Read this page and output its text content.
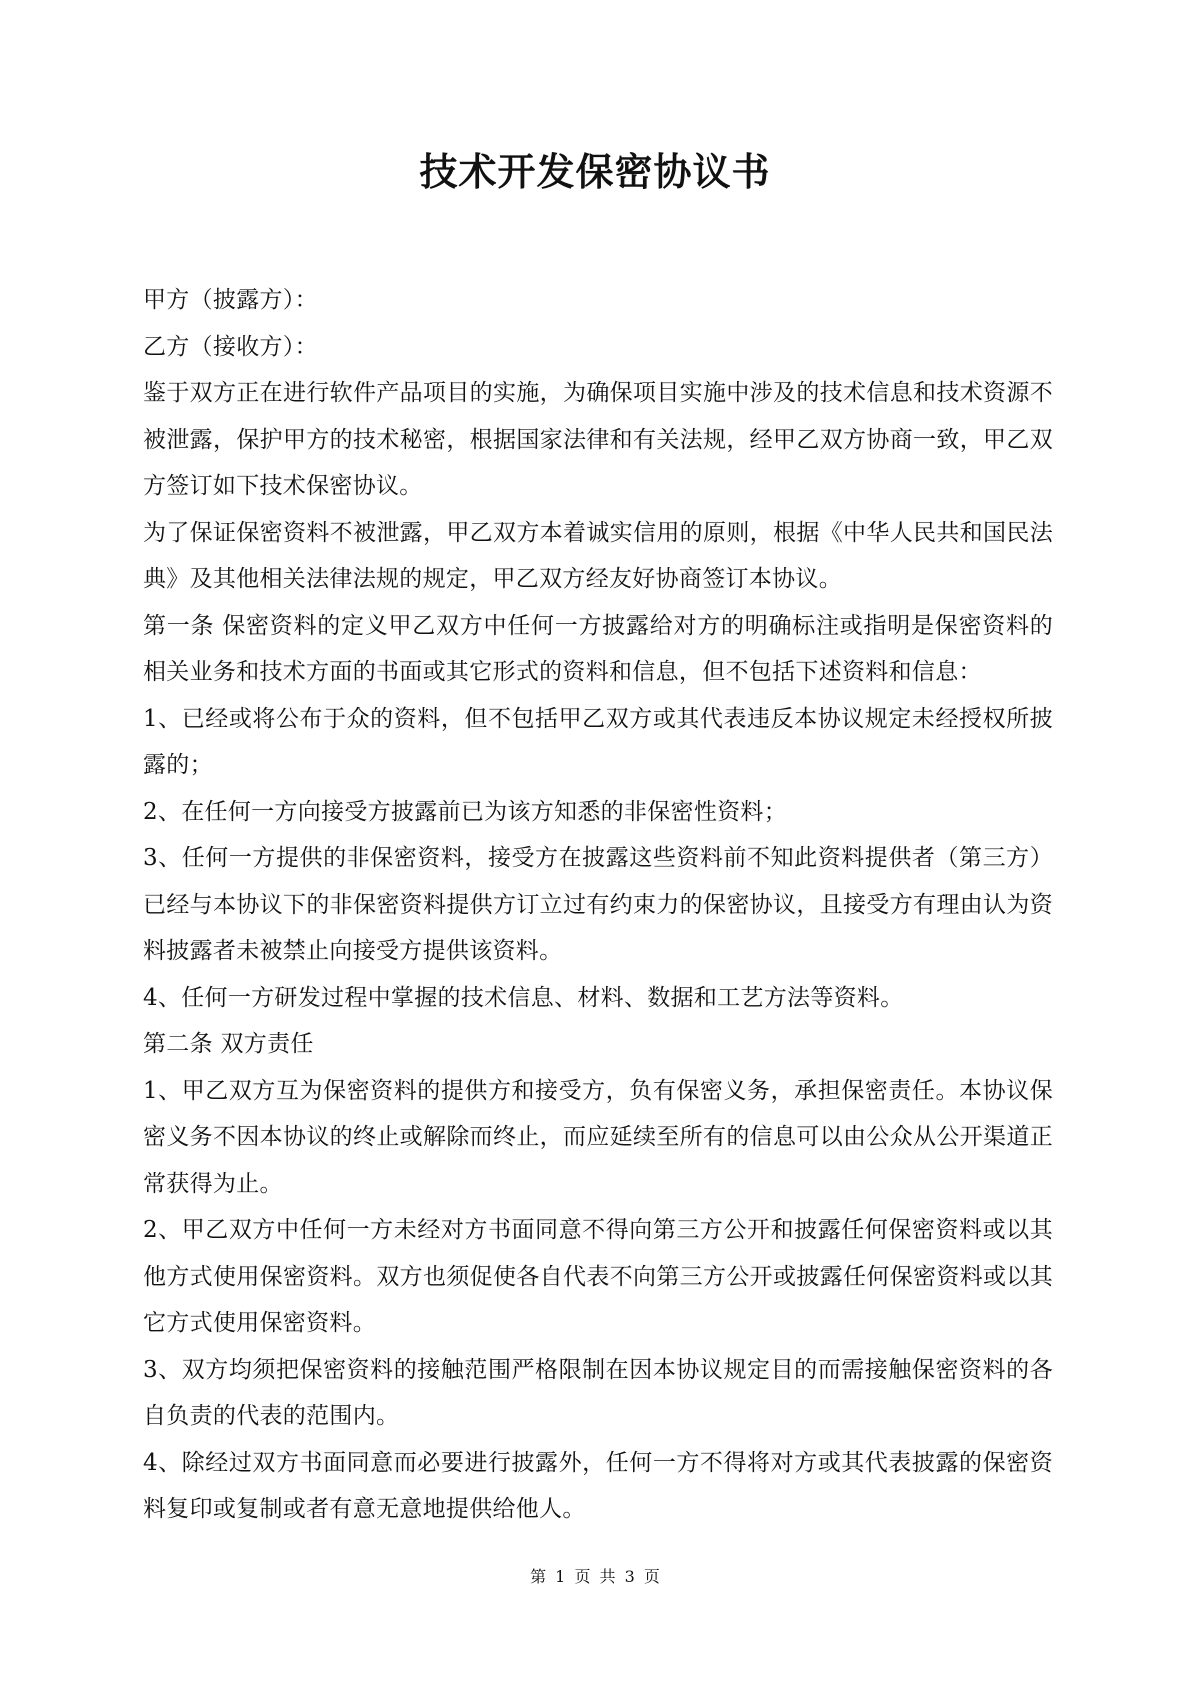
技术开发保密协议书

甲方（披露方）：

乙方（接收方）：

鉴于双方正在进行软件产品项目的实施，为确保项目实施中涉及的技术信息和技术资源不被泄露，保护甲方的技术秘密，根据国家法律和有关法规，经甲乙双方协商一致，甲乙双方签订如下技术保密协议。

为了保证保密资料不被泄露，甲乙双方本着诚实信用的原则，根据《中华人民共和国民法典》及其他相关法律法规的规定，甲乙双方经友好协商签订本协议。

第一条 保密资料的定义甲乙双方中任何一方披露给对方的明确标注或指明是保密资料的相关业务和技术方面的书面或其它形式的资料和信息，但不包括下述资料和信息：

1、已经或将公布于众的资料，但不包括甲乙双方或其代表违反本协议规定未经授权所披露的；

2、在任何一方向接受方披露前已为该方知悉的非保密性资料；

3、任何一方提供的非保密资料，接受方在披露这些资料前不知此资料提供者（第三方）已经与本协议下的非保密资料提供方订立过有约束力的保密协议，且接受方有理由认为资料披露者未被禁止向接受方提供该资料。

4、任何一方研发过程中掌握的技术信息、材料、数据和工艺方法等资料。

第二条 双方责任

1、甲乙双方互为保密资料的提供方和接受方，负有保密义务，承担保密责任。本协议保密义务不因本协议的终止或解除而终止，而应延续至所有的信息可以由公众从公开渠道正常获得为止。

2、甲乙双方中任何一方未经对方书面同意不得向第三方公开和披露任何保密资料或以其他方式使用保密资料。双方也须促使各自代表不向第三方公开或披露任何保密资料或以其它方式使用保密资料。

3、双方均须把保密资料的接触范围严格限制在因本协议规定目的而需接触保密资料的各自负责的代表的范围内。

4、除经过双方书面同意而必要进行披露外，任何一方不得将对方或其代表披露的保密资料复印或复制或者有意无意地提供给他人。

第 1 页 共 3 页
